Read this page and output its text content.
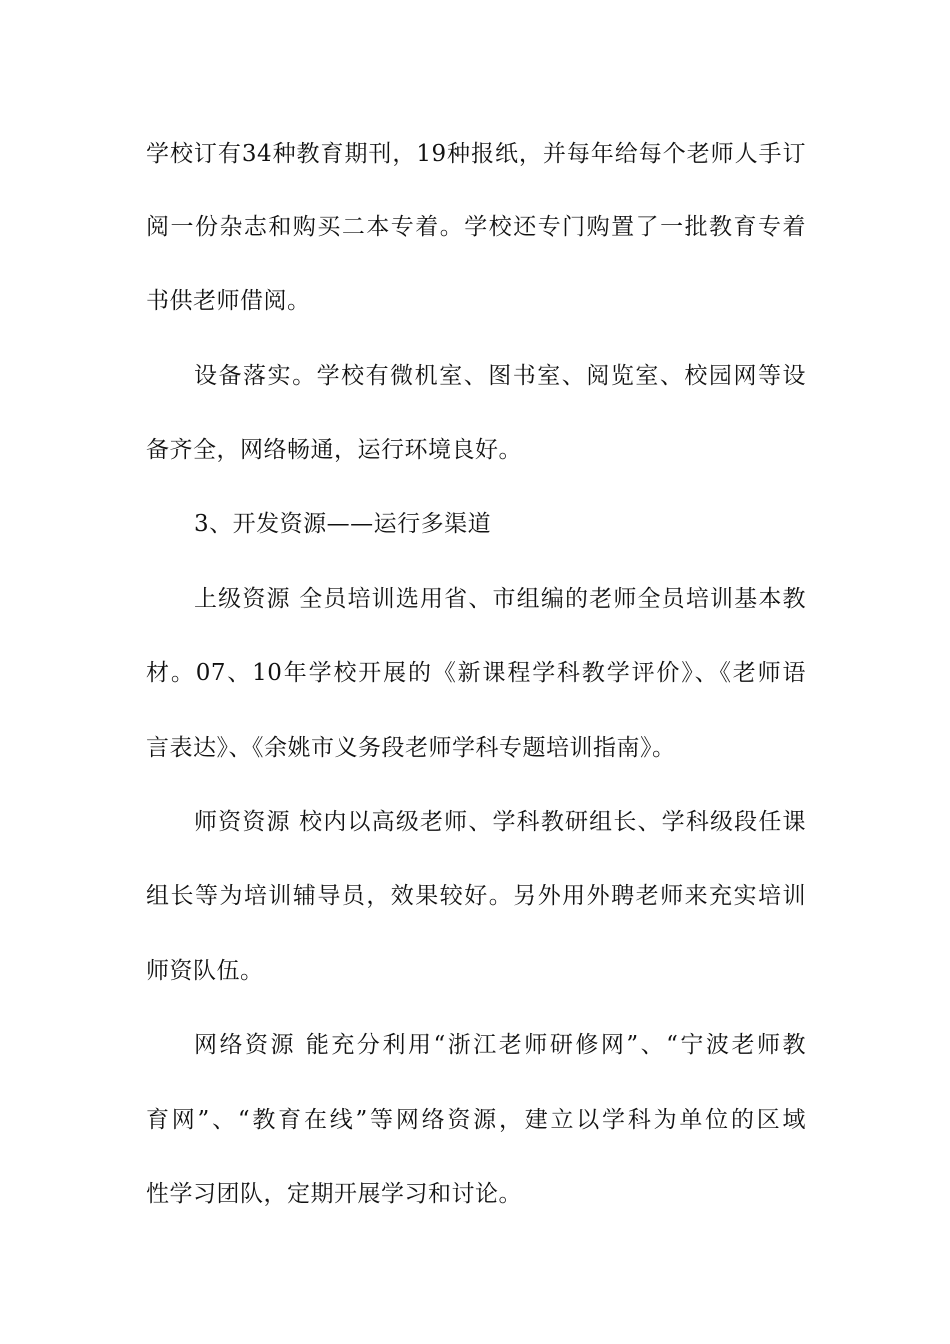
学校订有34种教育期刊，19种报纸，并每年给每个老师人手订
阅一份杂志和购买二本专着。学校还专门购置了一批教育专着
书供老师借阅。
设备落实。学校有微机室、图书室、阅览室、校园网等设
备齐全，网络畅通，运行环境良好。
3、开发资源——运行多渠道
上级资源 全员培训选用省、市组编的老师全员培训基本教
材。07、10年学校开展的《新课程学科教学评价》、《老师语
言表达》、《余姚市义务段老师学科专题培训指南》。
师资资源 校内以高级老师、学科教研组长、学科级段任课
组长等为培训辅导员，效果较好。另外用外聘老师来充实培训
师资队伍。
网络资源 能充分利用“浙江老师研修网”、“宁波老师教
育网”、“教育在线”等网络资源，建立以学科为单位的区域
性学习团队，定期开展学习和讨论。
